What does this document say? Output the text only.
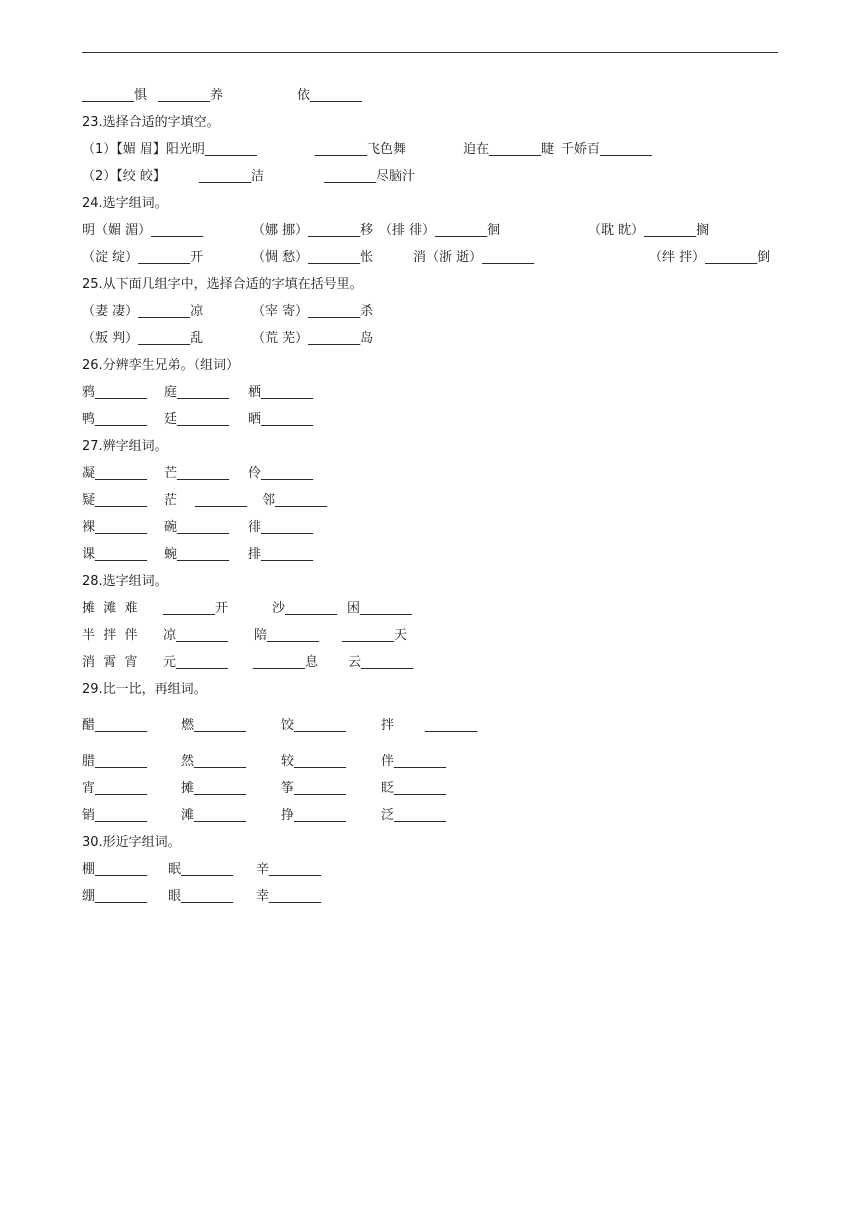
________惧 ________养	依________
23.选择合适的字填空。
（1）【媚 眉】阳光明________	________飞色舞	迫在________睫 千娇百________
（2）【绞 皎】	________洁	________尽脑汁
24.选字组词。
明（媚 湄）________	（娜 挪）________移 （排 徘）________徊	（耽 眈）________搁
（淀 绽）________开	（惆 愁）________怅	消（浙 逝）________	（绊 拌）________倒
25.从下面几组字中，选择合适的字填在括号里。
（妻 凄）________凉	（宰 寄）________杀
（叛 判）________乱	（荒 芜）________岛
26.分辨孪生兄弟。（组词）
鸦________ 庭________ 栖________
鸭________ 廷________ 晒________
27.辨字组词。
凝________ 芒________ 伶________
疑________ 茫 ________ 邻________
裸________ 碗________ 徘________
课________ 蜿________ 排________
28.选字组词。
摊  滩  难 ________开	沙________ 困________
半  拌  伴 凉________ 陪________ ________天
消  霄  宵 元________ ________息 云________
29.比一比，再组词。
醋________	燃________	饺________	拌 ________
腊________	然________	较________	伴________
宵________	摊________	筝________	眨________
销________	滩________	挣________	泛________
30.形近字组词。
棚________ 眠________ 辛________
绷________ 眼________ 幸________
